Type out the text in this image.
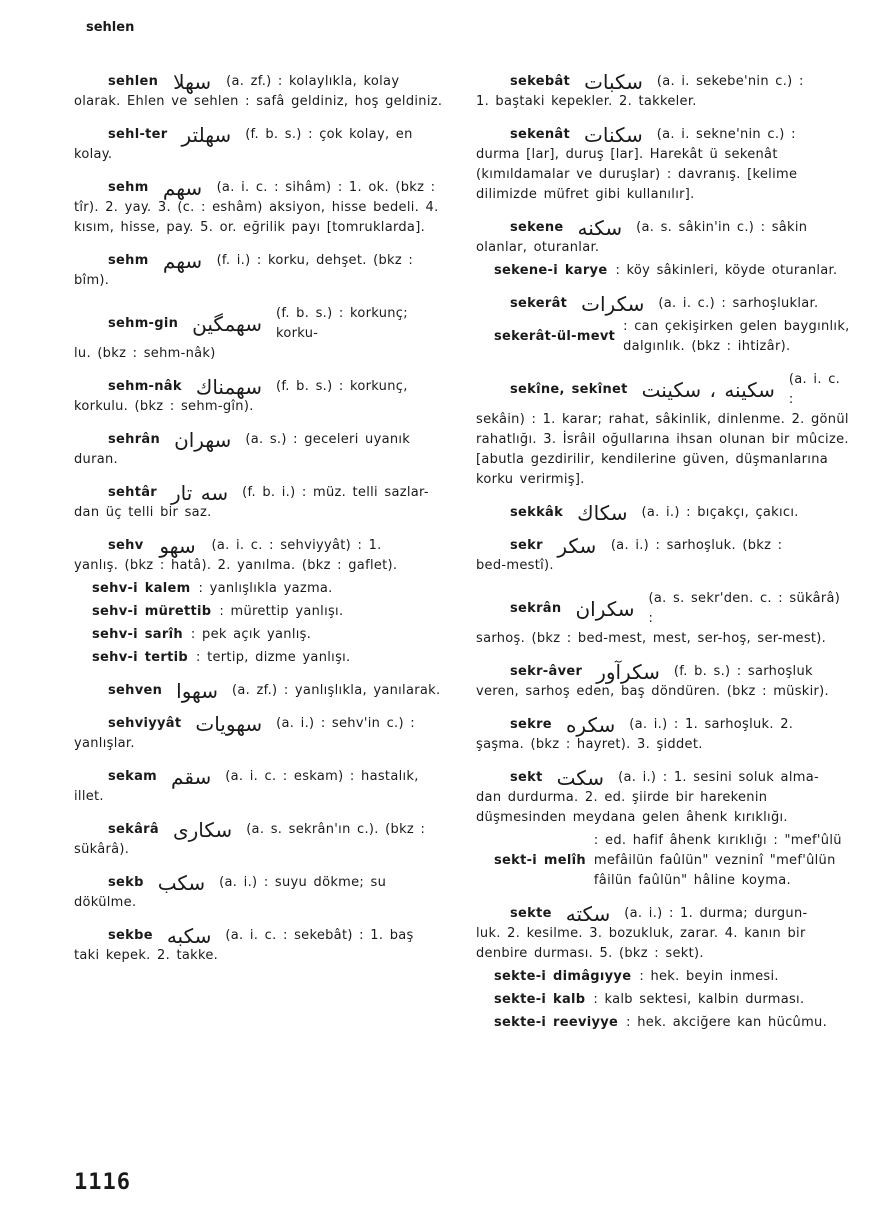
sehlen
sehlen سهلا (a. zf.) : kolaylıkla, kolay

olarak. Ehlen ve sehlen : safâ geldiniz, hoş geldiniz.

sehl-ter سهلتر (f. b. s.) : çok kolay, en

kolay.

sehm سهم (a. i. c. : sihâm) : 1. ok. (bkz :

tîr). 2. yay. 3. (c. : eshâm) aksiyon, hisse bedeli. 4. kısım, hisse, pay. 5. or. eğrilik payı [tomruklarda].

sehm سهم (f. i.) : korku, dehşet. (bkz :

bîm).

sehm-gin سهمگين (f. b. s.) : korkunç; korku-

lu. (bkz : sehm-nâk)

sehm-nâk سهمناك (f. b. s.) : korkunç,

korkulu. (bkz : sehm-gîn).

sehrân سهران (a. s.) : geceleri uyanık

duran.

sehtâr سه تار (f. b. i.) : müz. telli sazlar-

dan üç telli bir saz.

sehv سهو (a. i. c. : sehviyyât) : 1.

yanlış. (bkz : hatâ). 2. yanılma. (bkz : gaflet).

sehv-i kalem : yanlışlıkla yazma.
sehv-i mürettib : mürettip yanlışı.
sehv-i sarîh : pek açık yanlış.
sehv-i tertib : tertip, dizme yanlışı.
sehven سهوا (a. zf.) : yanlışlıkla, yanılarak.
sehviyyât سهويات (a. i.) : sehv'in c.) :

yanlışlar.

sekam سقم (a. i. c. : eskam) : hastalık,

illet.

sekârâ سكارى (a. s. sekrân'ın c.). (bkz :

sükârâ).

sekb سكب (a. i.) : suyu dökme; su

dökülme.

sekbe سكبه (a. i. c. : sekebât) : 1. baş

taki kepek. 2. takke.

sekebât سكبات (a. i. sekebe'nin c.) :

1. baştaki kepekler. 2. takkeler.

sekenât سكنات (a. i. sekne'nin c.) :

durma [lar], duruş [lar]. Harekât ü sekenât (kımıldamalar ve duruşlar) : davranış. [kelime dilimizde müfret gibi kullanılır].

sekene سكنه (a. s. sâkin'in c.) : sâkin

olanlar, oturanlar.

sekene-i karye : köy sâkinleri, köyde oturanlar.
sekerât سكرات (a. i. c.) : sarhoşluklar.
sekerât-ül-mevt
: can çekişirken gelen baygınlık, dalgınlık. (bkz : ihtizâr).
sekîne, sekînet سكينه ، سكينت (a. i. c. :

sekâin) : 1. karar; rahat, sâkinlik, dinlenme. 2. gönül rahatlığı. 3. İsrâil oğullarına ihsan olunan bir mûcize. [abutla gezdirilir, kendilerine güven, düşmanlarına korku verirmiş].

sekkâk سكاك (a. i.) : bıçakçı, çakıcı.
sekr سكر (a. i.) : sarhoşluk. (bkz :

bed-mestî).

sekrân سكران (a. s. sekr'den. c. : sükârâ) :

sarhoş. (bkz : bed-mest, mest, ser-hoş, ser-mest).

sekr-âver سكرآور (f. b. s.) : sarhoşluk

veren, sarhoş eden, baş döndüren. (bkz : müskir).

sekre سكره (a. i.) : 1. sarhoşluk. 2.

şaşma. (bkz : hayret). 3. şiddet.

sekt سكت (a. i.) : 1. sesini soluk alma-

dan durdurma. 2. ed. şiirde bir harekenin düşmesinden meydana gelen âhenk kırıklığı.

sekt-i melîh
: ed. hafif âhenk kırıklığı : "mef'ûlü mefâilün faûlün" vezninî "mef'ûlün fâilün faûlün" hâline koyma.
sekte سكته (a. i.) : 1. durma; durgun-

luk. 2. kesilme. 3. bozukluk, zarar. 4. kanın bir denbire durması. 5. (bkz : sekt).

sekte-i dimâgıyye : hek. beyin inmesi.
sekte-i kalb : kalb sektesi, kalbin durması.
sekte-i reeviyye : hek. akciğere kan hücûmu.
1116
